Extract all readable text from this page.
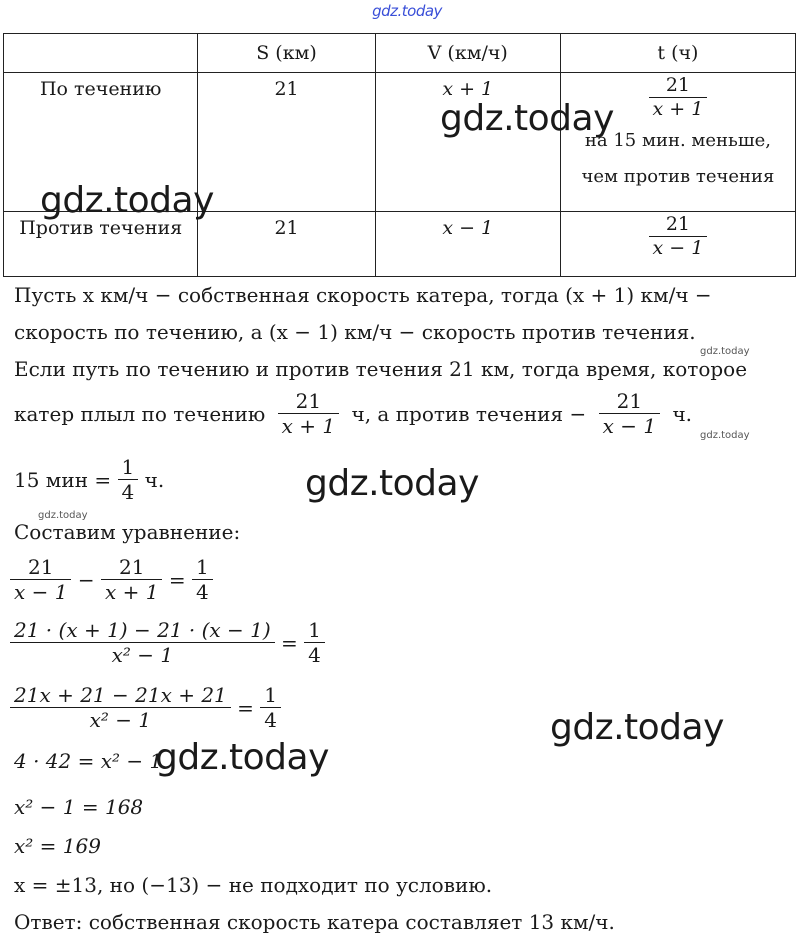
gdz.today
	S (км)	V (км/ч)	t (ч)

По течению	21	x + 1	$\frac{21}{x + 1}$
на 15 мин. меньше,
чем против течения

Против течения	21	x − 1	$\frac{21}{x - 1}$
Пусть x км/ч − собственная скорость катера, тогда (x + 1) км/ч −
скорость по течению, а (x − 1) км/ч − скорость против течения.
Если путь по течению и против течения 21 км, тогда время, которое
катер плыл по течению $\frac{21}{x + 1} ч$, а против течения − $\frac{21}{x - 1} ч$.
15 мин = $\frac{1}{4} ч$.
Составим уравнение:
$\frac{21}{x - 1} - \frac{21}{x + 1} = \frac{1}{4}$
$\frac{21 \cdot (x + 1) - 21 \cdot (x - 1)}{\text{x² − 1}} = \frac{1}{4}$
$\frac{21x + 21 - 21x + 21}{\text{x² − 1}} = \frac{1}{4}$
4 · 42 = x² − 1
x² − 1 = 168
x² = 169
x = ±13, но (−13) − не подходит по условию.
Ответ: собственная скорость катера составляет 13 км/ч.
gdz.today
gdz.today
gdz.today
gdz.today
gdz.today
gdz.today
gdz.today
gdz.today
